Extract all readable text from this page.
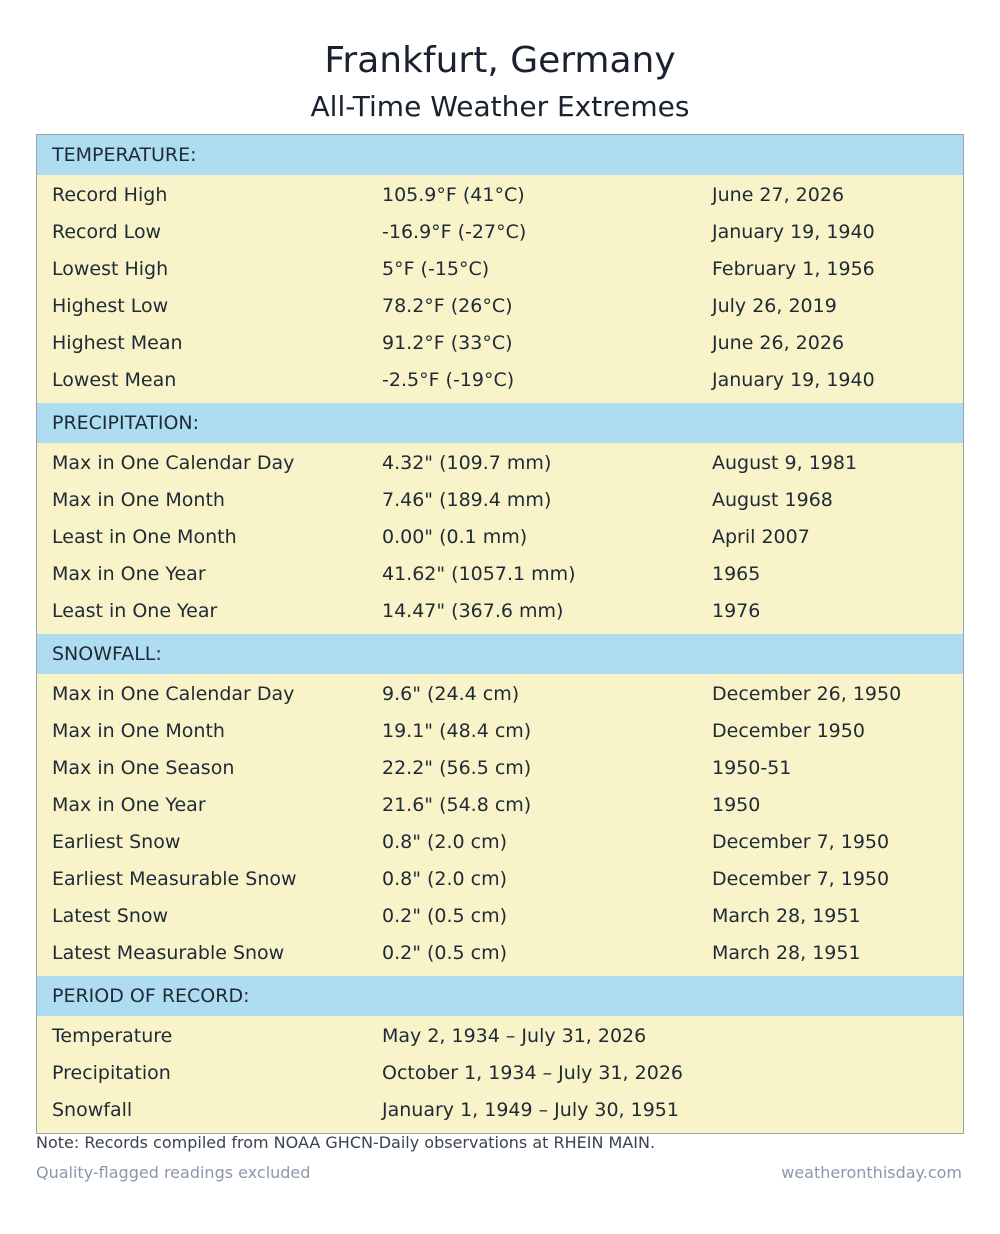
Frankfurt, Germany
All-Time Weather Extremes
TEMPERATURE:
Record High	105.9°F (41°C)	June 27, 2026
Record Low	-16.9°F (-27°C)	January 19, 1940
Lowest High	5°F (-15°C)	February 1, 1956
Highest Low	78.2°F (26°C)	July 26, 2019
Highest Mean	91.2°F (33°C)	June 26, 2026
Lowest Mean	-2.5°F (-19°C)	January 19, 1940
PRECIPITATION:
Max in One Calendar Day	4.32" (109.7 mm)	August 9, 1981
Max in One Month	7.46" (189.4 mm)	August 1968
Least in One Month	0.00" (0.1 mm)	April 2007
Max in One Year	41.62" (1057.1 mm)	1965
Least in One Year	14.47" (367.6 mm)	1976
SNOWFALL:
Max in One Calendar Day	9.6" (24.4 cm)	December 26, 1950
Max in One Month	19.1" (48.4 cm)	December 1950
Max in One Season	22.2" (56.5 cm)	1950-51
Max in One Year	21.6" (54.8 cm)	1950
Earliest Snow	0.8" (2.0 cm)	December 7, 1950
Earliest Measurable Snow	0.8" (2.0 cm)	December 7, 1950
Latest Snow	0.2" (0.5 cm)	March 28, 1951
Latest Measurable Snow	0.2" (0.5 cm)	March 28, 1951
PERIOD OF RECORD:
Temperature	May 2, 1934 – July 31, 2026
Precipitation	October 1, 1934 – July 31, 2026
Snowfall	January 1, 1949 – July 30, 1951
Note: Records compiled from NOAA GHCN-Daily observations at RHEIN MAIN.
Quality-flagged readings excluded	weatheronthisday.com
